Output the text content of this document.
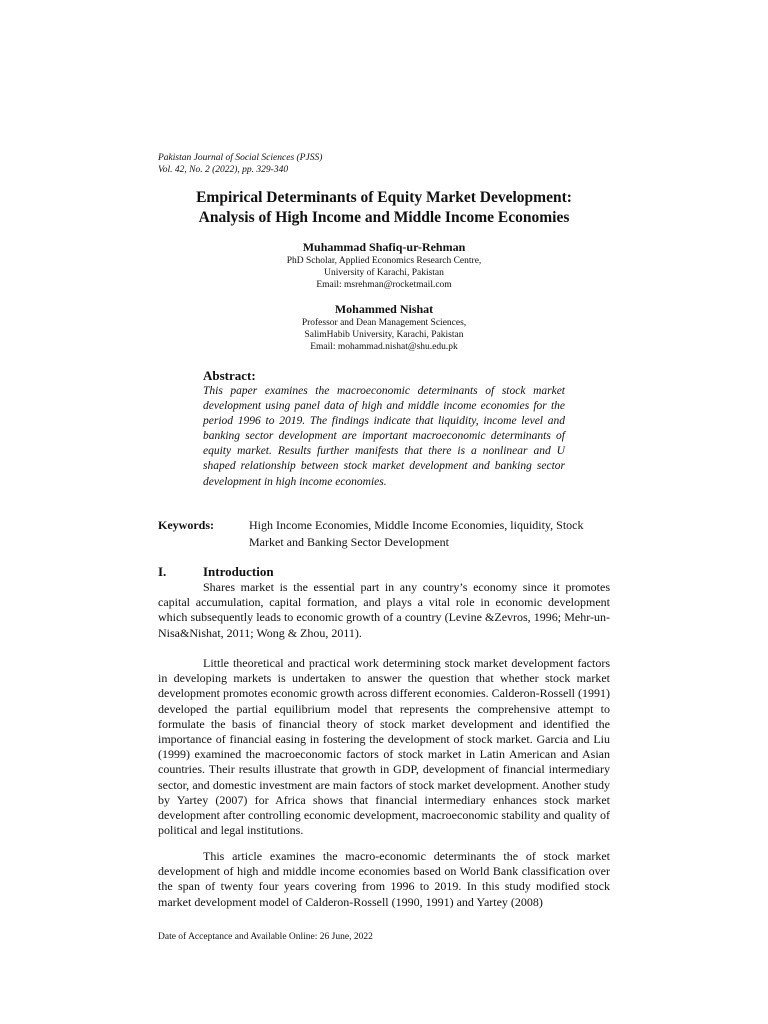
Pakistan Journal of Social Sciences (PJSS)
Vol. 42, No. 2 (2022), pp. 329-340
Empirical Determinants of Equity Market Development:
Analysis of High Income and Middle Income Economies
Muhammad Shafiq-ur-Rehman
PhD Scholar, Applied Economics Research Centre,
University of Karachi, Pakistan
Email: msrehman@rocketmail.com
Mohammed Nishat
Professor and Dean Management Sciences,
SalimHabib University, Karachi, Pakistan
Email: mohammad.nishat@shu.edu.pk
Abstract:
This paper examines the macroeconomic determinants of stock market development using panel data of high and middle income economies for the period 1996 to 2019. The findings indicate that liquidity, income level and banking sector development are important macroeconomic determinants of equity market. Results further manifests that there is a nonlinear and U shaped relationship between stock market development and banking sector development in high income economies.
Keywords:	High Income Economies, Middle Income Economies, liquidity, Stock Market and Banking Sector Development
I.	Introduction
Shares market is the essential part in any country’s economy since it promotes capital accumulation, capital formation, and plays a vital role in economic development which subsequently leads to economic growth of a country (Levine &Zevros, 1996; Mehr-un-Nisa&Nishat, 2011; Wong & Zhou, 2011).
Little theoretical and practical work determining stock market development factors in developing markets is undertaken to answer the question that whether stock market development promotes economic growth across different economies. Calderon-Rossell (1991) developed the partial equilibrium model that represents the comprehensive attempt to formulate the basis of financial theory of stock market development and identified the importance of financial easing in fostering the development of stock market. Garcia and Liu (1999) examined the macroeconomic factors of stock market in Latin American and Asian countries. Their results illustrate that growth in GDP, development of financial intermediary sector, and domestic investment are main factors of stock market development. Another study by Yartey (2007) for Africa shows that financial intermediary enhances stock market development after controlling economic development, macroeconomic stability and quality of political and legal institutions.
This article examines the macro-economic determinants the of stock market development of high and middle income economies based on World Bank classification over the span of twenty four years covering from 1996 to 2019. In this study modified stock market development model of Calderon-Rossell (1990, 1991) and Yartey (2008)
Date of Acceptance and Available Online: 26 June, 2022
